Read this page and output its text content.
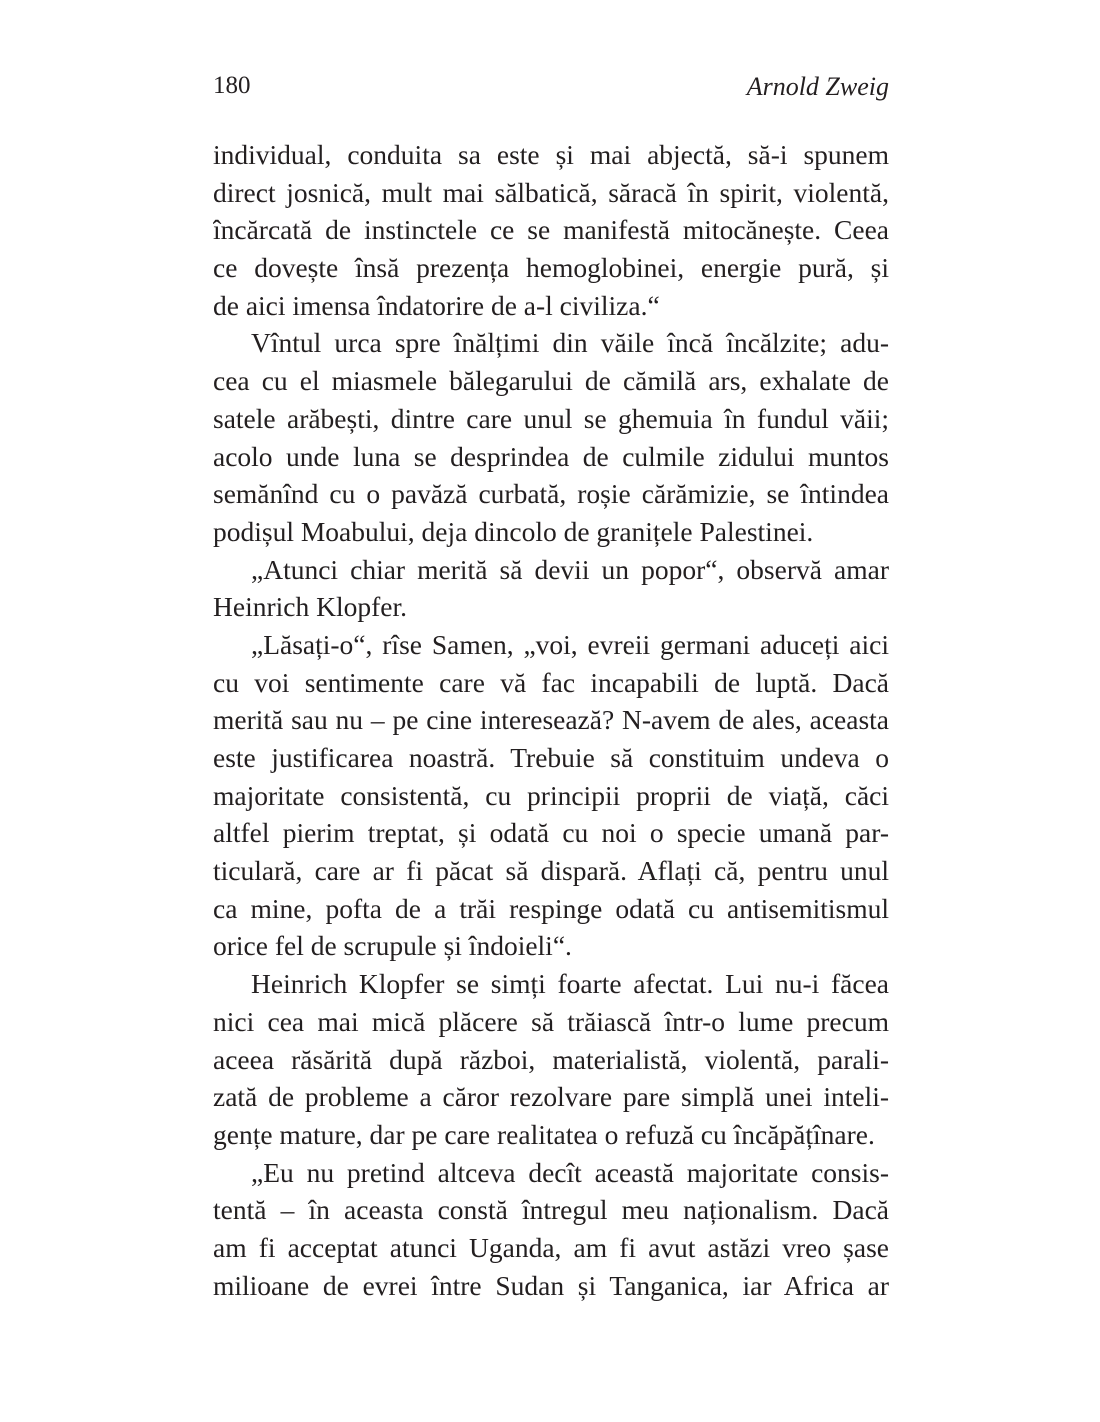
180	Arnold Zweig
individual, conduita sa este și mai abjectă, să-i spunem
direct josnică, mult mai sălbatică, săracă în spirit, violentă,
încărcată de instinctele ce se manifestă mitocănește. Ceea
ce dovește însă prezența hemoglobinei, energie pură, și
de aici imensa îndatorire de a-l civiliza.“
Vîntul urca spre înălțimi din văile încă încălzite; adu-
cea cu el miasmele bălegarului de cămilă ars, exhalate de
satele arăbești, dintre care unul se ghemuia în fundul văii;
acolo unde luna se desprindea de culmile zidului muntos
semănînd cu o pavăză curbată, roșie cărămizie, se întindea
podișul Moabului, deja dincolo de granițele Palestinei.
„Atunci chiar merită să devii un popor“, observă amar
Heinrich Klopfer.
„Lăsați-o“, rîse Samen, „voi, evreii germani aduceți aici
cu voi sentimente care vă fac incapabili de luptă. Dacă
merită sau nu – pe cine interesează? N-avem de ales, aceasta
este justificarea noastră. Trebuie să constituim undeva o
majoritate consistentă, cu principii proprii de viață, căci
altfel pierim treptat, și odată cu noi o specie umană par-
ticulară, care ar fi păcat să dispară. Aflați că, pentru unul
ca mine, pofta de a trăi respinge odată cu antisemitismul
orice fel de scrupule și îndoieli“.
Heinrich Klopfer se simți foarte afectat. Lui nu-i făcea
nici cea mai mică plăcere să trăiască într-o lume precum
aceea răsărită după război, materialistă, violentă, parali-
zată de probleme a căror rezolvare pare simplă unei inteli-
gențe mature, dar pe care realitatea o refuză cu încăpățînare.
„Eu nu pretind altceva decît această majoritate consis-
tentă – în aceasta constă întregul meu naționalism. Dacă
am fi acceptat atunci Uganda, am fi avut astăzi vreo șase
milioane de evrei între Sudan și Tanganica, iar Africa ar
